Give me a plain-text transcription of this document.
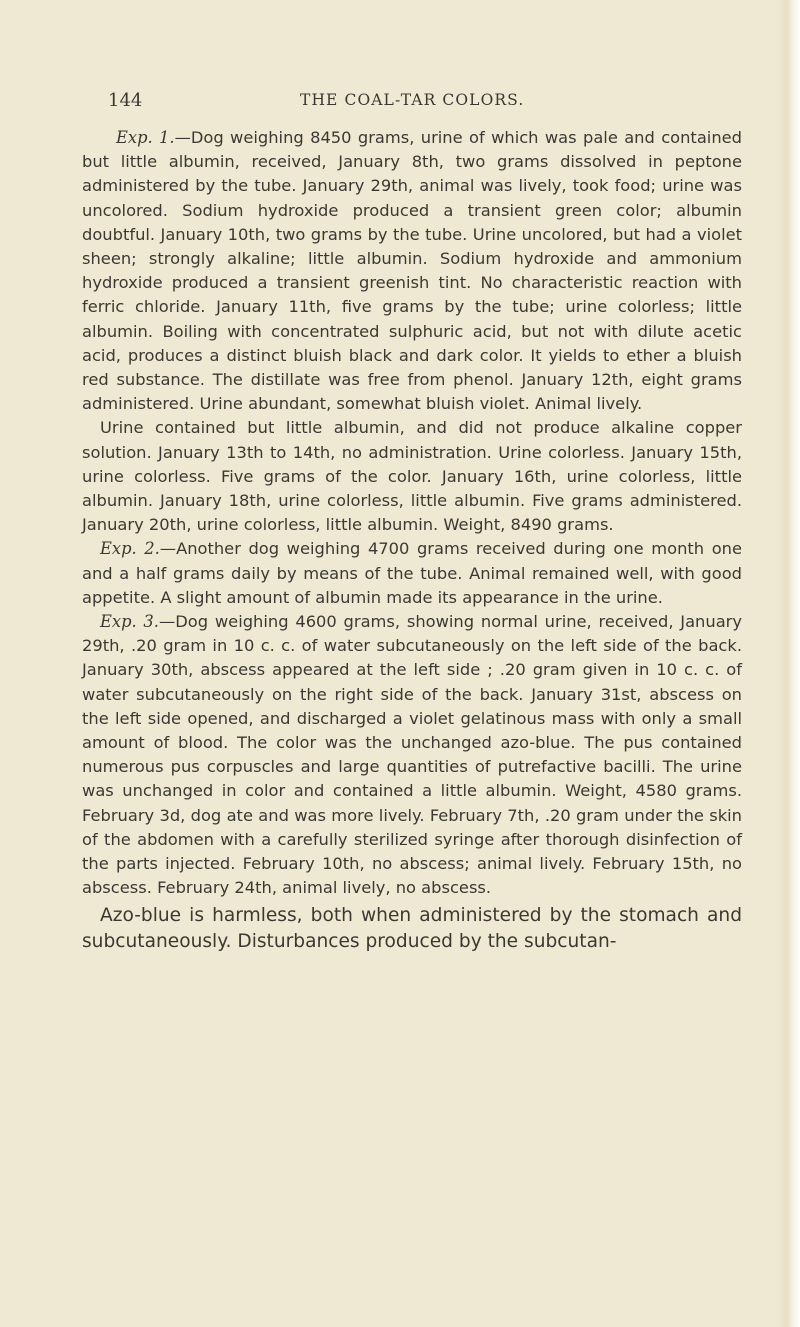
144	THE COAL-TAR COLORS.

Exp. 1.—Dog weighing 8450 grams, urine of which was pale and contained but little albumin, received, January 8th, two grams dissolved in peptone administered by the tube. January 29th, animal was lively, took food; urine was uncolored. Sodium hydroxide produced a transient green color; albumin doubtful. January 10th, two grams by the tube. Urine uncolored, but had a violet sheen; strongly alkaline; little albumin. Sodium hydroxide and ammonium hydroxide produced a transient greenish tint. No characteristic reaction with ferric chloride. January 11th, five grams by the tube; urine colorless; little albumin. Boiling with concentrated sulphuric acid, but not with dilute acetic acid, produces a distinct bluish black and dark color. It yields to ether a bluish red substance. The distillate was free from phenol. January 12th, eight grams administered. Urine abundant, somewhat bluish violet. Animal lively.

Urine contained but little albumin, and did not produce alkaline copper solution. January 13th to 14th, no administration. Urine colorless. January 15th, urine colorless. Five grams of the color. January 16th, urine colorless, little albumin. January 18th, urine colorless, little albumin. Five grams administered. January 20th, urine colorless, little albumin. Weight, 8490 grams.

Exp. 2.—Another dog weighing 4700 grams received during one month one and a half grams daily by means of the tube. Animal remained well, with good appetite. A slight amount of albumin made its appearance in the urine.

Exp. 3.—Dog weighing 4600 grams, showing normal urine, received, January 29th, .20 gram in 10 c. c. of water subcutaneously on the left side of the back. January 30th, abscess appeared at the left side ; .20 gram given in 10 c. c. of water subcutaneously on the right side of the back. January 31st, abscess on the left side opened, and discharged a violet gelatinous mass with only a small amount of blood. The color was the unchanged azo-blue. The pus contained numerous pus corpuscles and large quantities of putrefactive bacilli. The urine was unchanged in color and contained a little albumin. Weight, 4580 grams. February 3d, dog ate and was more lively. February 7th, .20 gram under the skin of the abdomen with a carefully sterilized syringe after thorough disinfection of the parts injected. February 10th, no abscess; animal lively. February 15th, no abscess. February 24th, animal lively, no abscess.

Azo-blue is harmless, both when administered by the stomach and subcutaneously. Disturbances produced by the subcutan-
